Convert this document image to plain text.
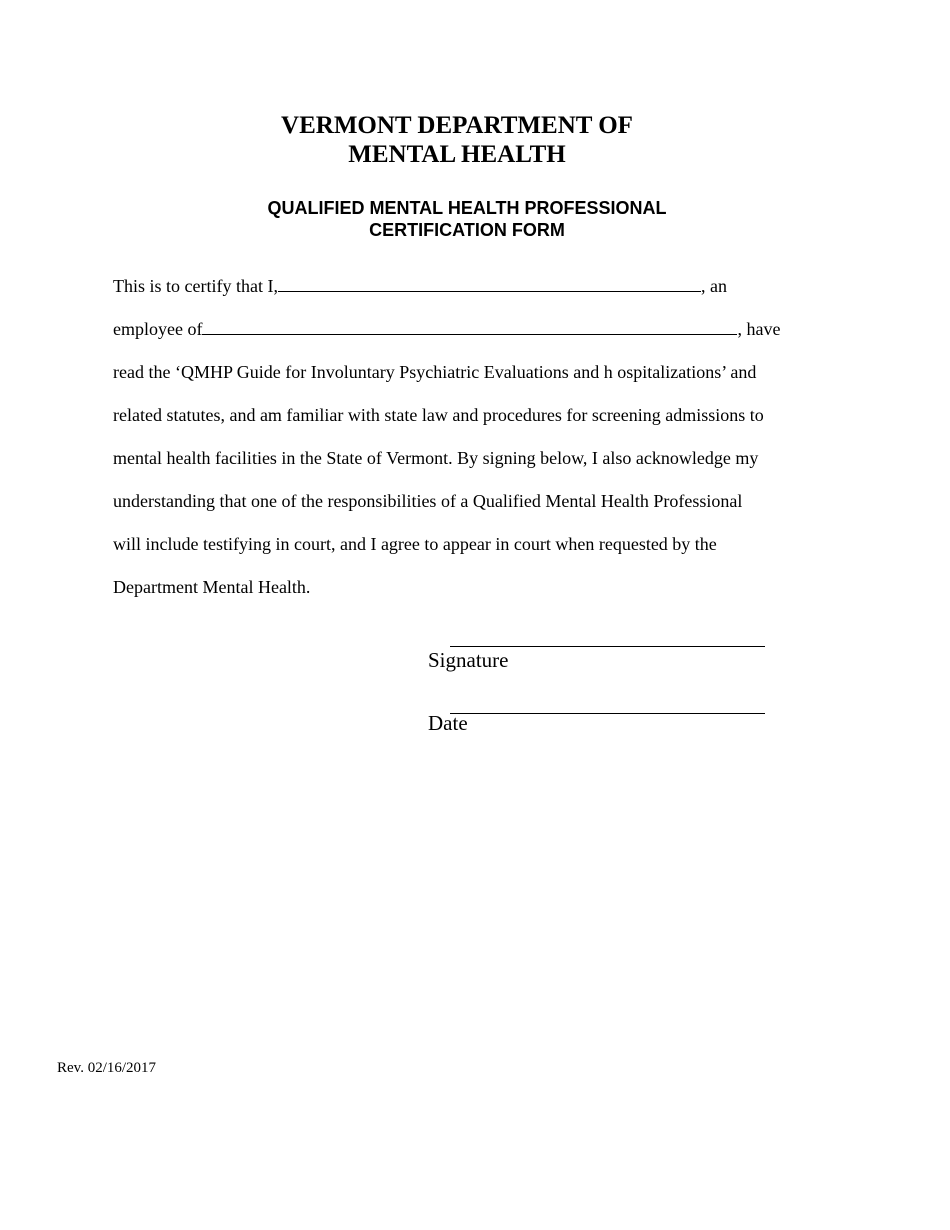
VERMONT DEPARTMENT OF
MENTAL HEALTH
QUALIFIED MENTAL HEALTH PROFESSIONAL
CERTIFICATION FORM
This is to certify that I,	, an
employee of	, have
read the ‘QMHP Guide for Involuntary Psychiatric Evaluations and h ospitalizations’ and
related statutes, and am familiar with state law and procedures for screening admissions to
mental health facilities in the State of Vermont. By signing below, I also acknowledge my
understanding that one of the responsibilities of a Qualified Mental Health Professional
will include testifying in court, and I agree to appear in court when requested by the
Department Mental Health.
Signature
Date
Rev. 02/16/2017
